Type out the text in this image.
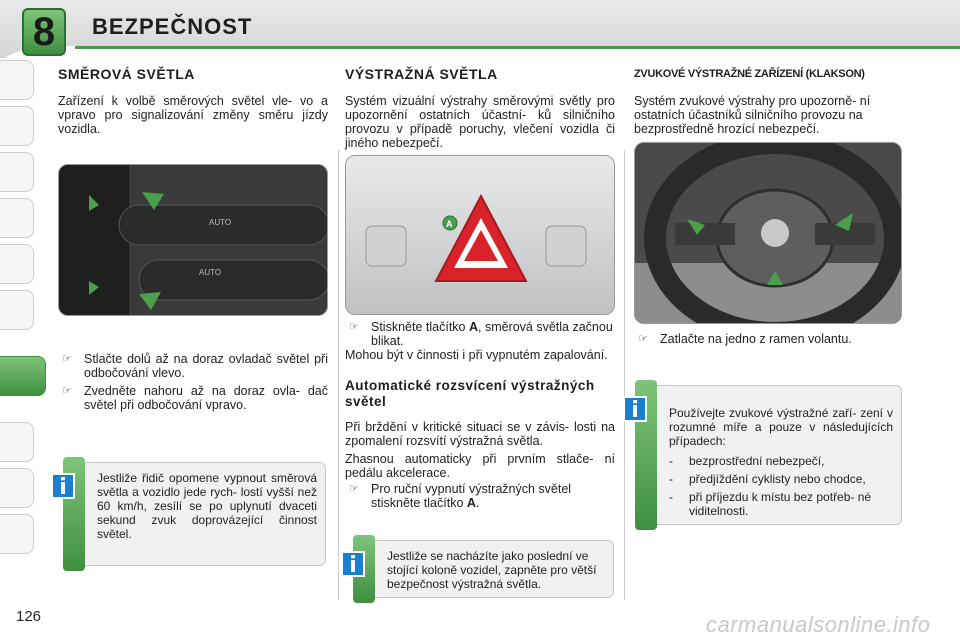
8	BEZPEČNOST
SMĚROVÁ SVĚTLA
Zařízení k volbě směrových světel vle- vo a vpravo pro signalizování změny směru jízdy vozidla.
AUTO
AUTO
☞ Stlačte dolů až na doraz ovladač světel při odbočování vlevo.
☞ Zvedněte nahoru až na doraz ovla- dač světel při odbočování vpravo.
i	Jestliže řidič opomene vypnout směrová světla a vozidlo jede rych- lostí vyšší než 60 km/h, zesílí se po uplynutí dvaceti sekund zvuk doprovázející činnost světel.
VÝSTRAŽNÁ SVĚTLA
Systém vizuální výstrahy směrovými světly pro upozornění ostatních účastní- ků silničního provozu v případě poruchy, vlečení vozidla či jiného nebezpečí.
A
☞ Stiskněte tlačítko A, směrová světla začnou blikat.
Mohou být v činnosti i při vypnutém zapalování.
Automatické rozsvícení výstražných světel
Při brždění v kritické situaci se v závis- losti na zpomalení rozsvítí výstražná světla.
Zhasnou automaticky při prvním stlače- ní pedálu akcelerace.
☞ Pro ruční vypnutí výstražných světel stiskněte tlačítko A.
i	Jestliže se nacházíte jako poslední ve stojící koloně vozidel, zapněte pro větší bezpečnost výstražná světla.
ZVUKOVÉ VÝSTRAŽNÉ ZAŘÍZENÍ (KLAKSON)
Systém zvukové výstrahy pro upozorně- ní ostatních účastníků silničního provozu na bezprostředně hrozící nebezpečí.
☞ Zatlačte na jedno z ramen volantu.
i	Používejte zvukové výstražné zaří- zení v rozumné míře a pouze v následujících případech:
- bezprostřední nebezpečí,
- předjíždění cyklisty nebo chodce,
- při příjezdu k místu bez potřeb- né viditelnosti.
126	carmanualsonline.info
